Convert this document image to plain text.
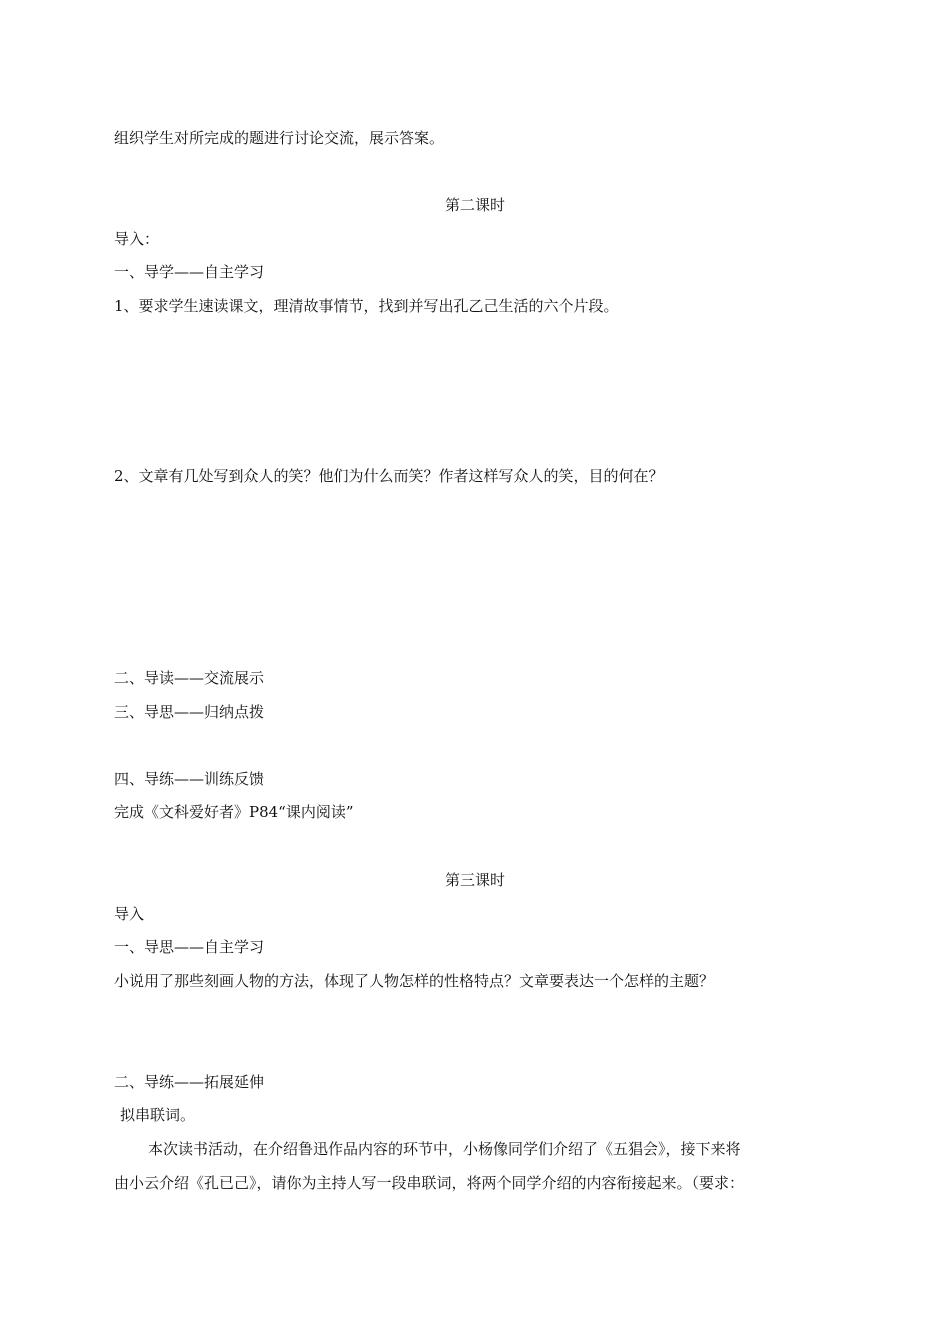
组织学生对所完成的题进行讨论交流，展示答案。
第二课时
导入：
一、导学——自主学习
1、要求学生速读课文，理清故事情节，找到并写出孔乙己生活的六个片段。
2、文章有几处写到众人的笑？他们为什么而笑？作者这样写众人的笑，目的何在？
二、导读——交流展示
三、导思——归纳点拨
四、导练——训练反馈
完成《文科爱好者》P84“课内阅读”
第三课时
导入
一、导思——自主学习
小说用了那些刻画人物的方法，体现了人物怎样的性格特点？文章要表达一个怎样的主题？
二、导练——拓展延伸
拟串联词。
本次读书活动，在介绍鲁迅作品内容的环节中，小杨像同学们介绍了《五猖会》，接下来将
由小云介绍《孔已己》，请你为主持人写一段串联词，将两个同学介绍的内容衔接起来。（要求：
